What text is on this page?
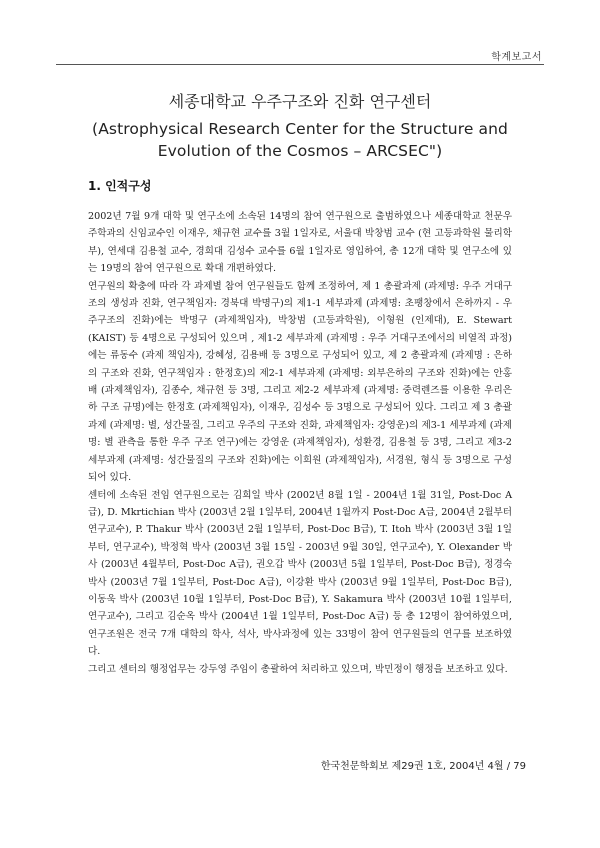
학계보고서
세종대학교 우주구조와 진화 연구센터
(Astrophysical Research Center for the Structure and Evolution of the Cosmos – ARCSEC")
1. 인적구성

2002년 7월 9개 대학 및 연구소에 소속된 14명의 참여 연구원으로 출범하였으나 세종대학교 천문우주학과의 신임교수인 이재우, 채규현 교수를 3월 1일자로, 서울대 박창범 교수 (현 고등과학원 물리학부), 연세대 김용철 교수, 경희대 김성수 교수를 6월 1일자로 영입하여, 총 12개 대학 및 연구소에 있는 19명의 참여 연구원으로 확대 개편하였다.

연구원의 확충에 따라 각 과제별 참여 연구원들도 함께 조정하여, 제 1 총괄과제 (과제명: 우주 거대구조의 생성과 진화, 연구책임자: 경북대 박명구)의 제1-1 세부과제 (과제명: 초팽창에서 은하까지 - 우주구조의 진화)에는 박명구 (과제책임자), 박창범 (고등과학원), 이형원 (인제대), E. Stewart (KAIST) 등 4명으로 구성되어 있으며 , 제1-2 세부과제 (과제명 : 우주 거대구조에서의 비열적 과정)에는 류동수 (과제 책임자), 강혜성, 김용배 등 3명으로 구성되어 있고, 제 2 총괄과제 (과제명 : 은하의 구조와 진화, 연구책임자 : 한정호)의 제2-1 세부과제 (과제명: 외부은하의 구조와 진화)에는 안홍배 (과제책임자), 김종수, 채규현 등 3명, 그리고 제2-2 세부과제 (과제명: 중력렌즈를 이용한 우리은하 구조 규명)에는 한정호 (과제책임자), 이재우, 김성수 등 3명으로 구성되어 있다. 그리고 제 3 총괄과제 (과제명: 별, 성간물질, 그리고 우주의 구조와 진화, 과제책임자: 강영운)의 제3-1 세부과제 (과제명: 별 관측을 통한 우주 구조 연구)에는 강영운 (과제책임자), 성환경, 김용철 등 3명, 그리고 제3-2 세부과제 (과제명: 성간물질의 구조와 진화)에는 이희원 (과제책임자), 서경원, 형식 등 3명으로 구성되어 있다.

센터에 소속된 전임 연구원으로는 김희일 박사 (2002년 8월 1일 - 2004년 1월 31일, Post-Doc A급), D. Mkrtichian 박사 (2003년 2월 1일부터, 2004년 1월까지 Post-Doc A급, 2004년 2월부터 연구교수), P. Thakur 박사 (2003년 2월 1일부터, Post-Doc B급), T. Itoh 박사 (2003년 3월 1일부터, 연구교수), 박정혁 박사 (2003년 3월 15일 - 2003년 9월 30일, 연구교수), Y. Olexander 박사 (2003년 4월부터, Post-Doc A급), 권오갑 박사 (2003년 5월 1일부터, Post-Doc B급), 정경숙 박사 (2003년 7월 1일부터, Post-Doc A급), 이강환 박사 (2003년 9월 1일부터, Post-Doc B급), 이동욱 박사 (2003년 10월 1일부터, Post-Doc B급), Y. Sakamura 박사 (2003년 10월 1일부터, 연구교수), 그리고 김순옥 박사 (2004년 1월 1일부터, Post-Doc A급) 등 총 12명이 참여하였으며, 연구조원은 전국 7개 대학의 학사, 석사, 박사과정에 있는 33명이 참여 연구원들의 연구를 보조하였다.

그리고 센터의 행정업무는 강두영 주임이 총괄하여 처리하고 있으며, 박민정이 행정을 보조하고 있다.

한국천문학회보 제29권 1호, 2004년 4월 / 79
